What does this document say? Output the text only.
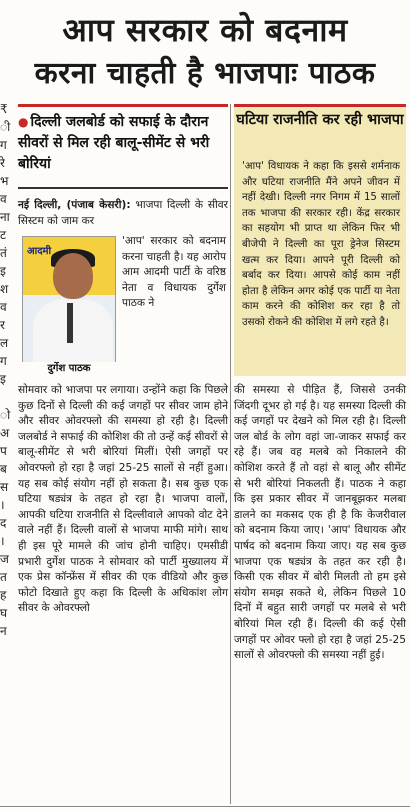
आप सरकार को बदनाम
करना चाहती है भाजपाः पाठक
₹
ी
ग
रे
भ
व
ना
ट
तं
इ
श
व
र
ल
ग
इ

ो
अ
प
ब
स
।
द
।
ज
त
ह
घ
न
● दिल्ली जलबोर्ड को सफाई के दौरान सीवरों से मिल रही बालू-सीमेंट से भरी बोरियां
घटिया राजनीति कर रही भाजपा
'आप' विधायक ने कहा कि इससे शर्मनाक और घटिया राजनीति मैंने अपने जीवन में नहीं देखी। दिल्ली नगर निगम में 15 सालों तक भाजपा की सरकार रही। केंद्र सरकार का सहयोग भी प्राप्त था लेकिन फिर भी बीजेपी ने दिल्ली का पूरा ड्रेनेज सिस्टम खत्म कर दिया। आपने पूरी दिल्ली को बर्बाद कर दिया। आपसे कोई काम नहीं होता है लेकिन अगर कोई एक पार्टी या नेता काम करने की कोशिश कर रहा है तो उसको रोकने की कोशिश में लगे रहते है।
नई दिल्ली, (पंजाब केसरी): भाजपा दिल्ली के सीवर सिस्टम को जाम कर
आदमी
दुर्गेश पाठक
'आप' सरकार को बदनाम करना चाहती है। यह आरोप आम आदमी पार्टी के वरिष्ठ नेता व विधायक दुर्गेश पाठक ने
सोमवार को भाजपा पर लगाया। उन्होंने कहा कि पिछले कुछ दिनों से दिल्ली की कई जगहों पर सीवर जाम होने और सीवर ओवरफ्लो की समस्या हो रही है। दिल्ली जलबोर्ड ने सफाई की कोशिश की तो उन्हें कई सीवरों से बालू-सीमेंट से भरी बोरियां मिलीं। ऐसी जगहों पर ओवरफ्लो हो रहा है जहां 25-25 सालों से नहीं हुआ। यह सब कोई संयोग नहीं हो सकता है। सब कुछ एक घटिया षड्यंत्र के तहत हो रहा है। भाजपा वालों, आपकी घटिया राजनीति से दिल्लीवाले आपको वोट देने वाले नहीं हैं। दिल्ली वालों से भाजपा माफी मांगे। साथ ही इस पूरे मामले की जांच होनी चाहिए। एमसीडी प्रभारी दुर्गेश पाठक ने सोमवार को पार्टी मुख्यालय में एक प्रेस कॉन्फ्रेंस में सीवर की एक वीडियो और कुछ फोटो दिखाते हुए कहा कि दिल्ली के अधिकांश लोग सीवर के ओवरफ्लो
की समस्या से पीड़ित हैं, जिससे उनकी जिंदगी दूभर हो गई है। यह समस्या दिल्ली की कई जगहों पर देखने को मिल रही है। दिल्ली जल बोर्ड के लोग वहां जा-जाकर सफाई कर रहे हैं। जब वह मलबे को निकालने की कोशिश करते हैं तो वहां से बालू और सीमेंट से भरी बोरियां निकलती हैं। पाठक ने कहा कि इस प्रकार सीवर में जानबूझकर मलबा डालने का मकसद एक ही है कि केजरीवाल को बदनाम किया जाए। 'आप' विधायक और पार्षद को बदनाम किया जाए। यह सब कुछ भाजपा एक षड्यंत्र के तहत कर रही है। किसी एक सीवर में बोरी मिलती तो हम इसे संयोग समझ सकते थे, लेकिन पिछले 10 दिनों में बहुत सारी जगहों पर मलबे से भरी बोरियां मिल रही हैं। दिल्ली की कई ऐसी जगहों पर ओवर फ्लो हो रहा है जहां 25-25 सालों से ओवरफ्लो की समस्या नहीं हुई।
